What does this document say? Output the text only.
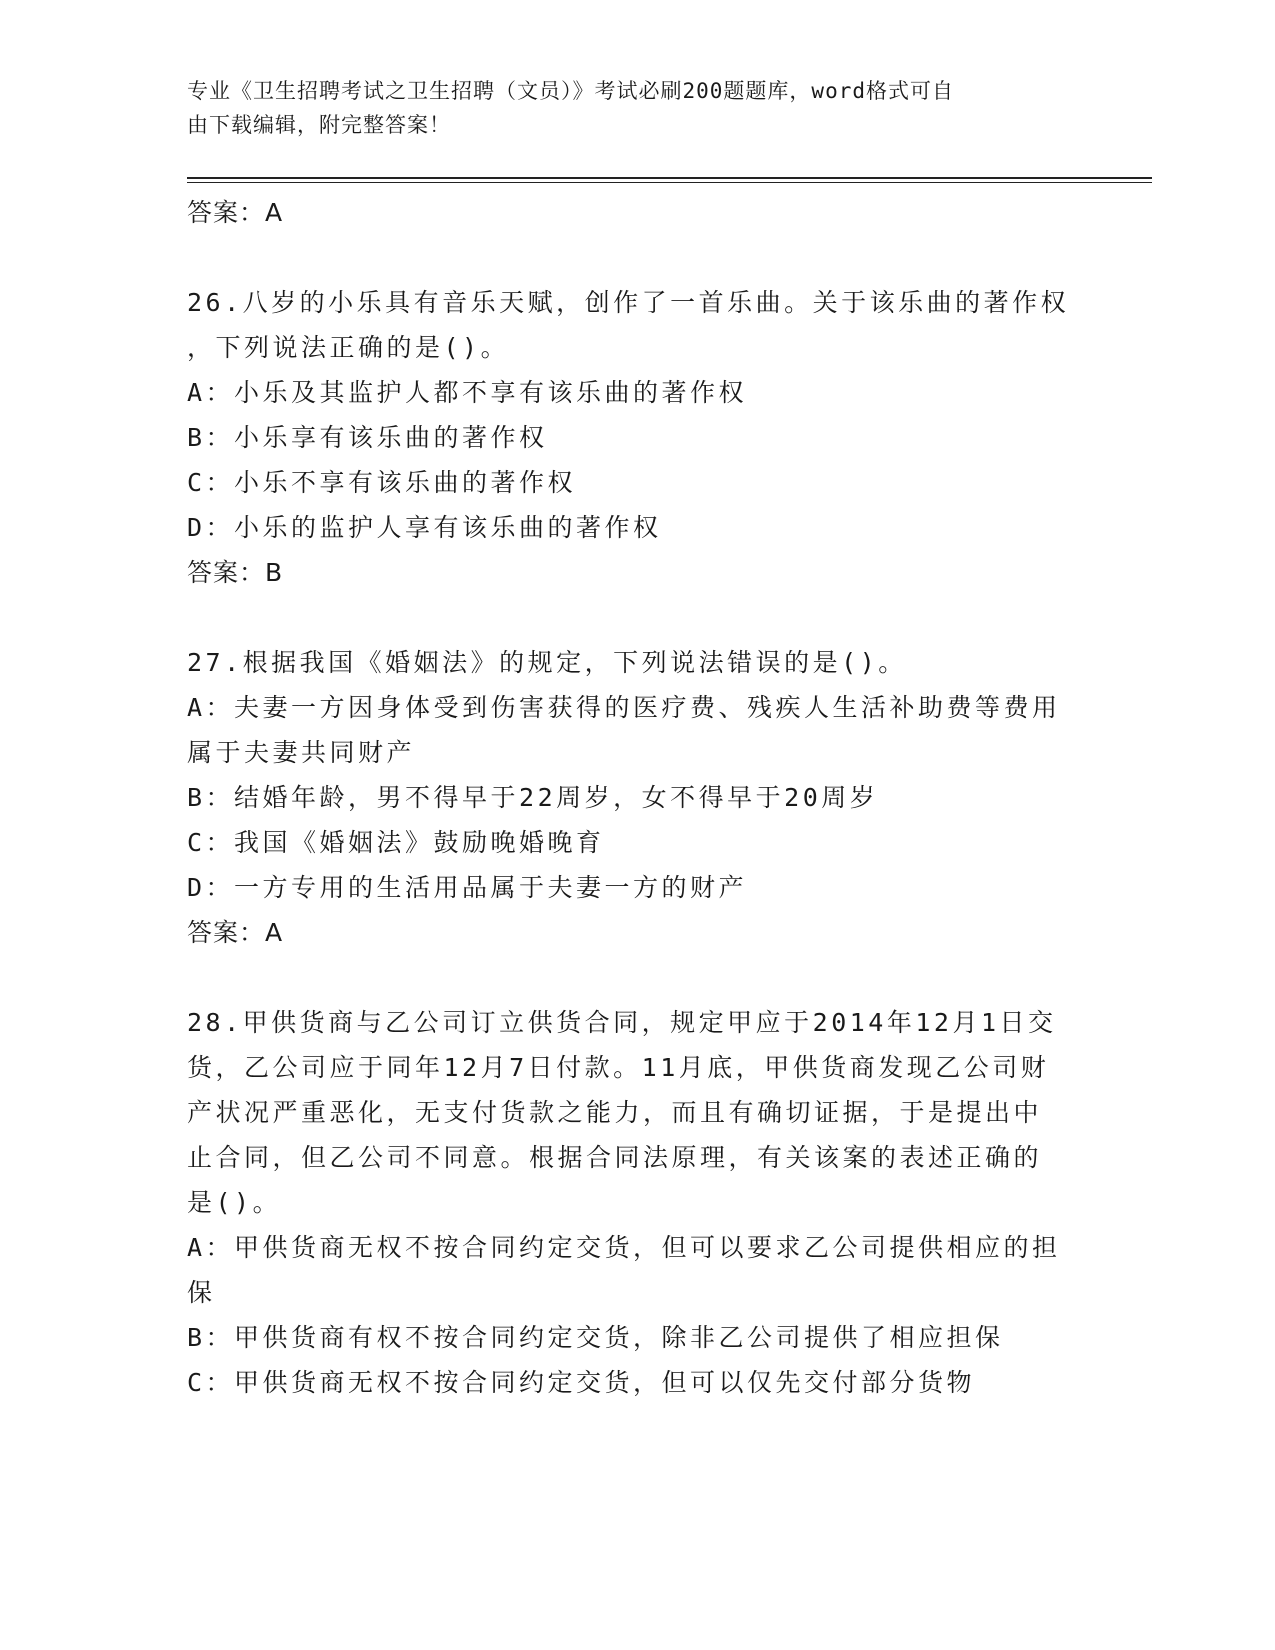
专业《卫生招聘考试之卫生招聘（文员）》考试必刷200题题库，word格式可自
由下载编辑，附完整答案！
答案：A
26.八岁的小乐具有音乐天赋，创作了一首乐曲。关于该乐曲的著作权
，下列说法正确的是()。
A：小乐及其监护人都不享有该乐曲的著作权
B：小乐享有该乐曲的著作权
C：小乐不享有该乐曲的著作权
D：小乐的监护人享有该乐曲的著作权
答案：B
27.根据我国《婚姻法》的规定，下列说法错误的是()。
A：夫妻一方因身体受到伤害获得的医疗费、残疾人生活补助费等费用
属于夫妻共同财产
B：结婚年龄，男不得早于22周岁，女不得早于20周岁
C：我国《婚姻法》鼓励晚婚晚育
D：一方专用的生活用品属于夫妻一方的财产
答案：A
28.甲供货商与乙公司订立供货合同，规定甲应于2014年12月1日交
货，乙公司应于同年12月7日付款。11月底，甲供货商发现乙公司财
产状况严重恶化，无支付货款之能力，而且有确切证据，于是提出中
止合同，但乙公司不同意。根据合同法原理，有关该案的表述正确的
是()。
A：甲供货商无权不按合同约定交货，但可以要求乙公司提供相应的担
保
B：甲供货商有权不按合同约定交货，除非乙公司提供了相应担保
C：甲供货商无权不按合同约定交货，但可以仅先交付部分货物
